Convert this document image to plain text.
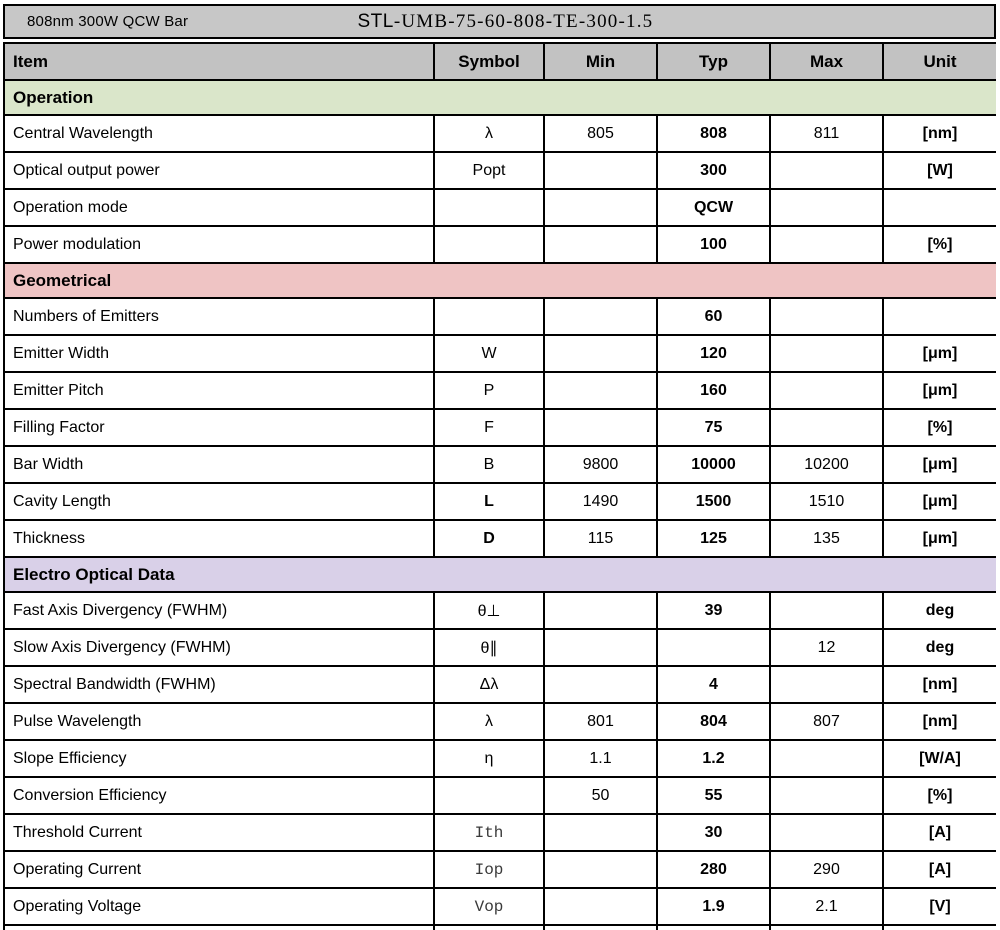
808nm 300W QCW Bar	STL-UMB-75-60-808-TE-300-1.5
Item	Symbol	Min	Typ	Max	Unit
Operation					
Central Wavelength	λ	805	808	811	[nm]
Optical output power	Popt		300		[W]
Operation mode			QCW		
Power modulation			100		[%]
Geometrical					
Numbers of Emitters			60		
Emitter Width	W		120		[μm]
Emitter Pitch	P		160		[μm]
Filling Factor	F		75		[%]
Bar Width	B	9800	10000	10200	[μm]
Cavity Length	L	1490	1500	1510	[μm]
Thickness	D	115	125	135	[μm]
Electro Optical Data					
Fast Axis Divergency (FWHM)	θ⊥		39		deg
Slow Axis Divergency (FWHM)	θ∥			12	deg
Spectral Bandwidth (FWHM)	Δλ		4		[nm]
Pulse Wavelength	λ	801	804	807	[nm]
Slope Efficiency	η	1.1	1.2		[W/A]
Conversion Efficiency		50	55		[%]
Threshold Current	Ith		30		[A]
Operating Current	Iop		280	290	[A]
Operating Voltage	Vop		1.9	2.1	[V]
